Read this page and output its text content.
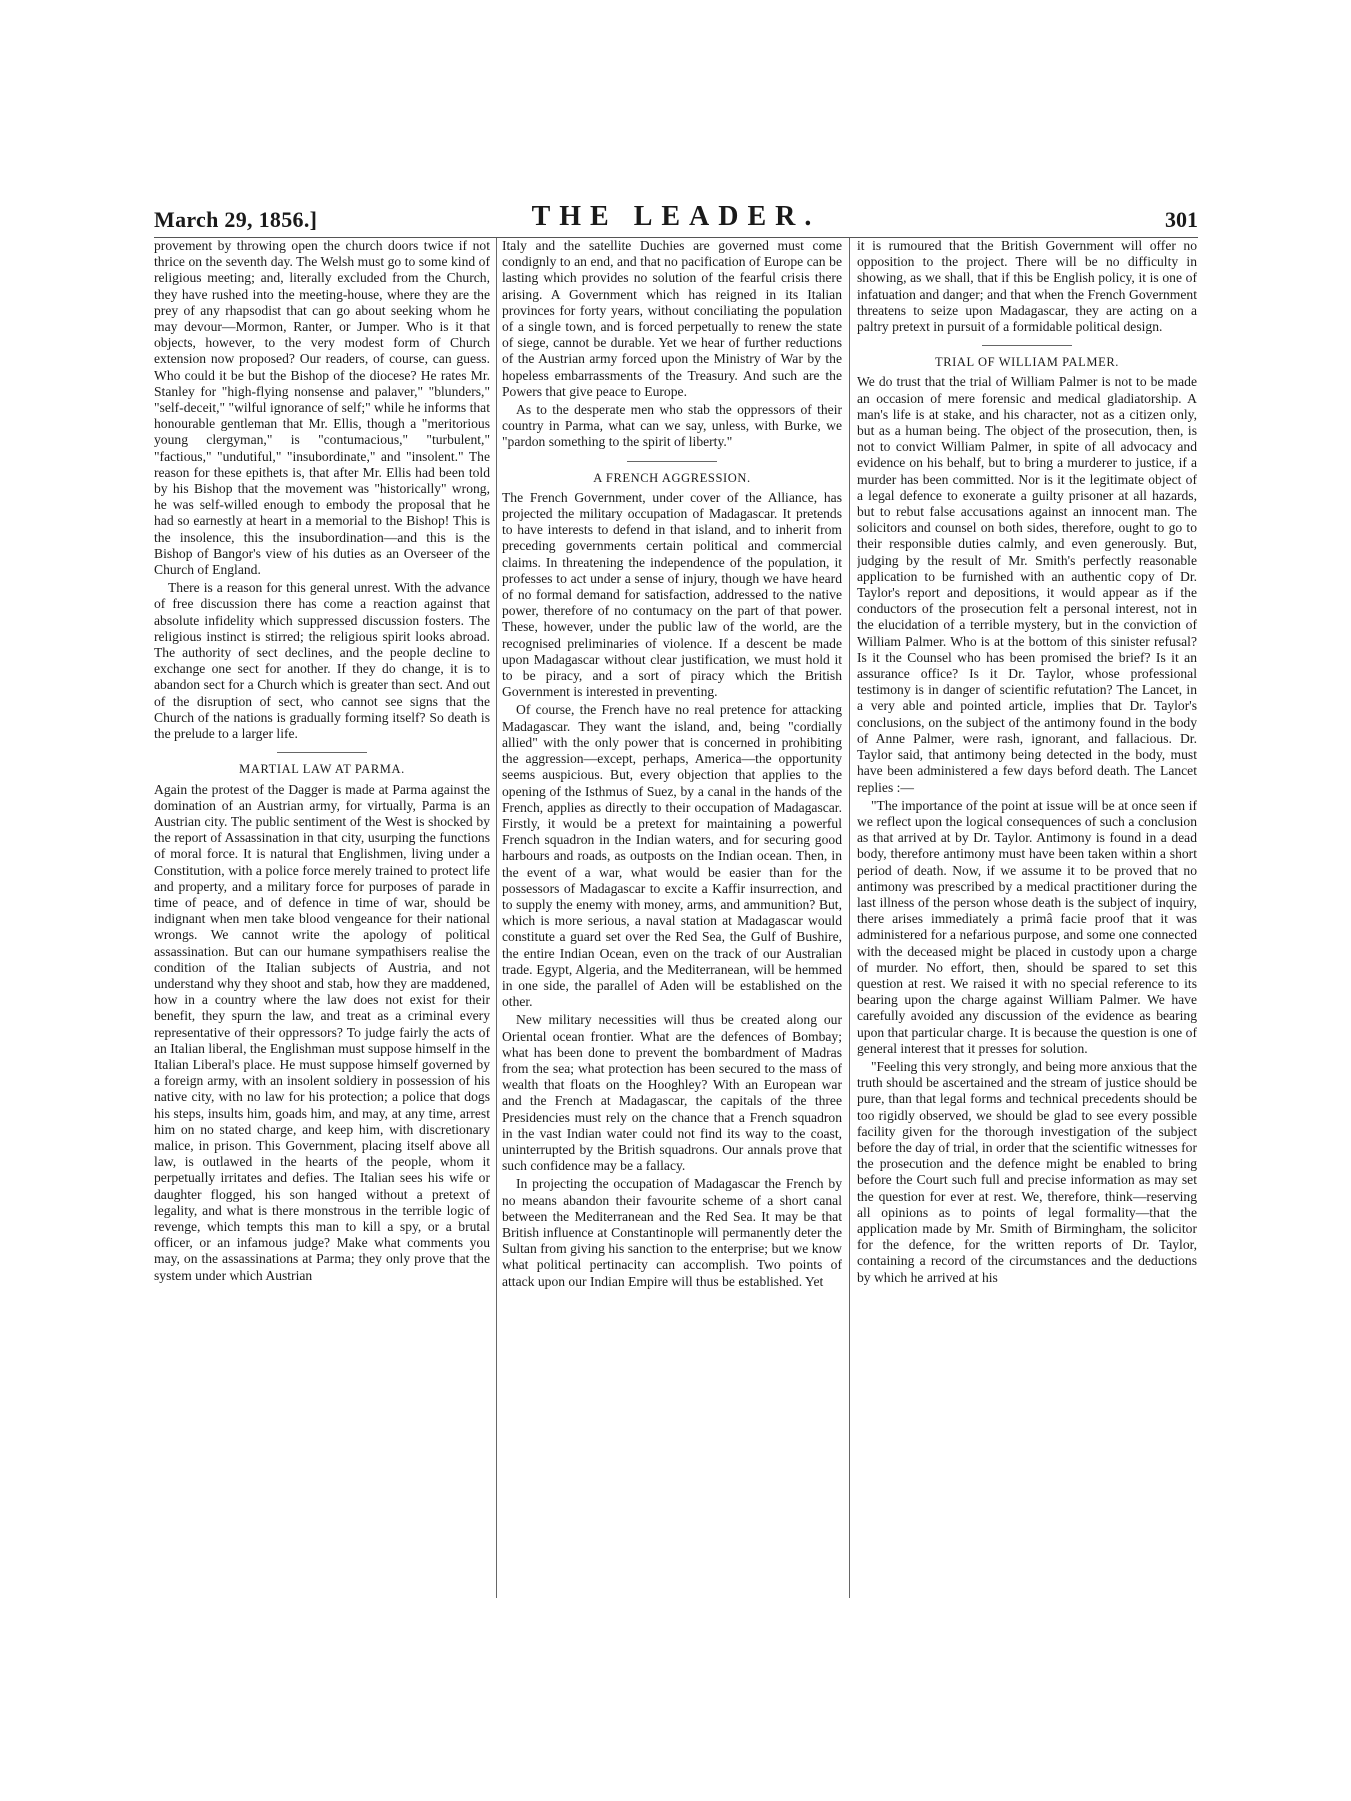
March 29, 1856.]	THE LEADER.	301

provement by throwing open the church doors twice if not thrice on the seventh day. The Welsh must go to some kind of religious meeting; and, literally excluded from the Church, they have rushed into the meeting-house, where they are the prey of any rhapsodist that can go about seeking whom he may devour—Mormon, Ranter, or Jumper. Who is it that objects, however, to the very modest form of Church extension now proposed? Our readers, of course, can guess. Who could it be but the Bishop of the diocese? He rates Mr. Stanley for "high-flying nonsense and palaver," "blunders," "self-deceit," "wilful ignorance of self;" while he informs that honourable gentleman that Mr. Ellis, though a "meritorious young clergyman," is "contumacious," "turbulent," "factious," "undutiful," "insubordinate," and "insolent." The reason for these epithets is, that after Mr. Ellis had been told by his Bishop that the movement was "historically" wrong, he was self-willed enough to embody the proposal that he had so earnestly at heart in a memorial to the Bishop! This is the insolence, this the insubordination—and this is the Bishop of Bangor's view of his duties as an Overseer of the Church of England.

There is a reason for this general unrest. With the advance of free discussion there has come a reaction against that absolute infidelity which suppressed discussion fosters. The religious instinct is stirred; the religious spirit looks abroad. The authority of sect declines, and the people decline to exchange one sect for another. If they do change, it is to abandon sect for a Church which is greater than sect. And out of the disruption of sect, who cannot see signs that the Church of the nations is gradually forming itself? So death is the prelude to a larger life.

MARTIAL LAW AT PARMA.

Again the protest of the Dagger is made at Parma against the domination of an Austrian army, for virtually, Parma is an Austrian city. The public sentiment of the West is shocked by the report of Assassination in that city, usurping the functions of moral force. It is natural that Englishmen, living under a Constitution, with a police force merely trained to protect life and property, and a military force for purposes of parade in time of peace, and of defence in time of war, should be indignant when men take blood vengeance for their national wrongs. We cannot write the apology of political assassination. But can our humane sympathisers realise the condition of the Italian subjects of Austria, and not understand why they shoot and stab, how they are maddened, how in a country where the law does not exist for their benefit, they spurn the law, and treat as a criminal every representative of their oppressors? To judge fairly the acts of an Italian liberal, the Englishman must suppose himself in the Italian Liberal's place. He must suppose himself governed by a foreign army, with an insolent soldiery in possession of his native city, with no law for his protection; a police that dogs his steps, insults him, goads him, and may, at any time, arrest him on no stated charge, and keep him, with discretionary malice, in prison. This Government, placing itself above all law, is outlawed in the hearts of the people, whom it perpetually irritates and defies. The Italian sees his wife or daughter flogged, his son hanged without a pretext of legality, and what is there monstrous in the terrible logic of revenge, which tempts this man to kill a spy, or a brutal officer, or an infamous judge? Make what comments you may, on the assassinations at Parma; they only prove that the system under which Austrian

Italy and the satellite Duchies are governed must come condignly to an end, and that no pacification of Europe can be lasting which provides no solution of the fearful crisis there arising. A Government which has reigned in its Italian provinces for forty years, without conciliating the population of a single town, and is forced perpetually to renew the state of siege, cannot be durable. Yet we hear of further reductions of the Austrian army forced upon the Ministry of War by the hopeless embarrassments of the Treasury. And such are the Powers that give peace to Europe.

As to the desperate men who stab the oppressors of their country in Parma, what can we say, unless, with Burke, we "pardon something to the spirit of liberty."

A FRENCH AGGRESSION.

The French Government, under cover of the Alliance, has projected the military occupation of Madagascar. It pretends to have interests to defend in that island, and to inherit from preceding governments certain political and commercial claims. In threatening the independence of the population, it professes to act under a sense of injury, though we have heard of no formal demand for satisfaction, addressed to the native power, therefore of no contumacy on the part of that power. These, however, under the public law of the world, are the recognised preliminaries of violence. If a descent be made upon Madagascar without clear justification, we must hold it to be piracy, and a sort of piracy which the British Government is interested in preventing.

Of course, the French have no real pretence for attacking Madagascar. They want the island, and, being "cordially allied" with the only power that is concerned in prohibiting the aggression—except, perhaps, America—the opportunity seems auspicious. But, every objection that applies to the opening of the Isthmus of Suez, by a canal in the hands of the French, applies as directly to their occupation of Madagascar. Firstly, it would be a pretext for maintaining a powerful French squadron in the Indian waters, and for securing good harbours and roads, as outposts on the Indian ocean. Then, in the event of a war, what would be easier than for the possessors of Madagascar to excite a Kaffir insurrection, and to supply the enemy with money, arms, and ammunition? But, which is more serious, a naval station at Madagascar would constitute a guard set over the Red Sea, the Gulf of Bushire, the entire Indian Ocean, even on the track of our Australian trade. Egypt, Algeria, and the Mediterranean, will be hemmed in one side, the parallel of Aden will be established on the other.

New military necessities will thus be created along our Oriental ocean frontier. What are the defences of Bombay; what has been done to prevent the bombardment of Madras from the sea; what protection has been secured to the mass of wealth that floats on the Hooghley? With an European war and the French at Madagascar, the capitals of the three Presidencies must rely on the chance that a French squadron in the vast Indian water could not find its way to the coast, uninterrupted by the British squadrons. Our annals prove that such confidence may be a fallacy.

In projecting the occupation of Madagascar the French by no means abandon their favourite scheme of a short canal between the Mediterranean and the Red Sea. It may be that British influence at Constantinople will permanently deter the Sultan from giving his sanction to the enterprise; but we know what political pertinacity can accomplish. Two points of attack upon our Indian Empire will thus be established. Yet

it is rumoured that the British Government will offer no opposition to the project. There will be no difficulty in showing, as we shall, that if this be English policy, it is one of infatuation and danger; and that when the French Government threatens to seize upon Madagascar, they are acting on a paltry pretext in pursuit of a formidable political design.

TRIAL OF WILLIAM PALMER.

We do trust that the trial of William Palmer is not to be made an occasion of mere forensic and medical gladiatorship. A man's life is at stake, and his character, not as a citizen only, but as a human being. The object of the prosecution, then, is not to convict William Palmer, in spite of all advocacy and evidence on his behalf, but to bring a murderer to justice, if a murder has been committed. Nor is it the legitimate object of a legal defence to exonerate a guilty prisoner at all hazards, but to rebut false accusations against an innocent man. The solicitors and counsel on both sides, therefore, ought to go to their responsible duties calmly, and even generously. But, judging by the result of Mr. Smith's perfectly reasonable application to be furnished with an authentic copy of Dr. Taylor's report and depositions, it would appear as if the conductors of the prosecution felt a personal interest, not in the elucidation of a terrible mystery, but in the conviction of William Palmer. Who is at the bottom of this sinister refusal? Is it the Counsel who has been promised the brief? Is it an assurance office? Is it Dr. Taylor, whose professional testimony is in danger of scientific refutation? The Lancet, in a very able and pointed article, implies that Dr. Taylor's conclusions, on the subject of the antimony found in the body of Anne Palmer, were rash, ignorant, and fallacious. Dr. Taylor said, that antimony being detected in the body, must have been administered a few days beford death. The Lancet replies :—

"The importance of the point at issue will be at once seen if we reflect upon the logical consequences of such a conclusion as that arrived at by Dr. Taylor. Antimony is found in a dead body, therefore antimony must have been taken within a short period of death. Now, if we assume it to be proved that no antimony was prescribed by a medical practitioner during the last illness of the person whose death is the subject of inquiry, there arises immediately a primâ facie proof that it was administered for a nefarious purpose, and some one connected with the deceased might be placed in custody upon a charge of murder. No effort, then, should be spared to set this question at rest. We raised it with no special reference to its bearing upon the charge against William Palmer. We have carefully avoided any discussion of the evidence as bearing upon that particular charge. It is because the question is one of general interest that it presses for solution.

"Feeling this very strongly, and being more anxious that the truth should be ascertained and the stream of justice should be pure, than that legal forms and technical precedents should be too rigidly observed, we should be glad to see every possible facility given for the thorough investigation of the subject before the day of trial, in order that the scientific witnesses for the prosecution and the defence might be enabled to bring before the Court such full and precise information as may set the question for ever at rest. We, therefore, think—reserving all opinions as to points of legal formality—that the application made by Mr. Smith of Birmingham, the solicitor for the defence, for the written reports of Dr. Taylor, containing a record of the circumstances and the deductions by which he arrived at his
